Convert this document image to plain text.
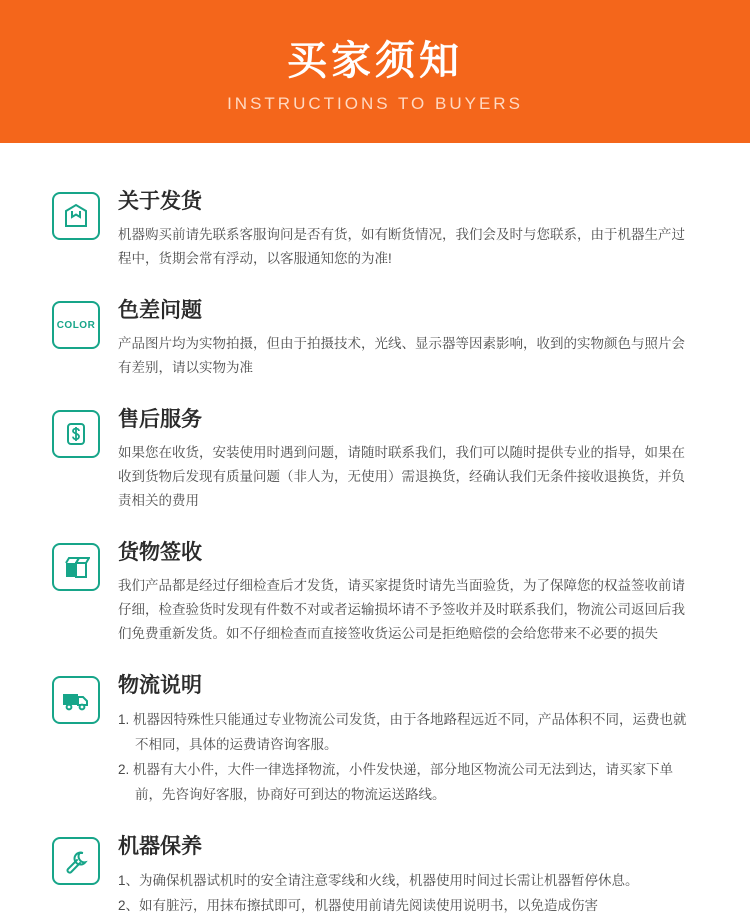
买家须知
INSTRUCTIONS TO BUYERS
关于发货
机器购买前请先联系客服询问是否有货，如有断货情况，我们会及时与您联系，由于机器生产过程中，货期会常有浮动，以客服通知您的为准!
COLOR
色差问题
产品图片均为实物拍摄，但由于拍摄技术，光线、显示器等因素影响，收到的实物颜色与照片会有差别，请以实物为准
售后服务
如果您在收货，安装使用时遇到问题，请随时联系我们，我们可以随时提供专业的指导，如果在收到货物后发现有质量问题（非人为，无使用）需退换货，经确认我们无条件接收退换货，并负责相关的费用
货物签收
我们产品都是经过仔细检查后才发货，请买家提货时请先当面验货，为了保障您的权益签收前请仔细，检查验货时发现有件数不对或者运输损坏请不予签收并及时联系我们，物流公司返回后我们免费重新发货。如不仔细检查而直接签收货运公司是拒绝赔偿的会给您带来不必要的损失
物流说明
1. 机器因特殊性只能通过专业物流公司发货，由于各地路程远近不同，产品体积不同，运费也就不相同，具体的运费请咨询客服。
2. 机器有大小件，大件一律选择物流，小件发快递，部分地区物流公司无法到达，请买家下单前，先咨询好客服，协商好可到达的物流运送路线。
机器保养
1、为确保机器试机时的安全请注意零线和火线，机器使用时间过长需让机器暂停休息。
2、如有脏污，用抹布擦拭即可，机器使用前请先阅读使用说明书，以免造成伤害
